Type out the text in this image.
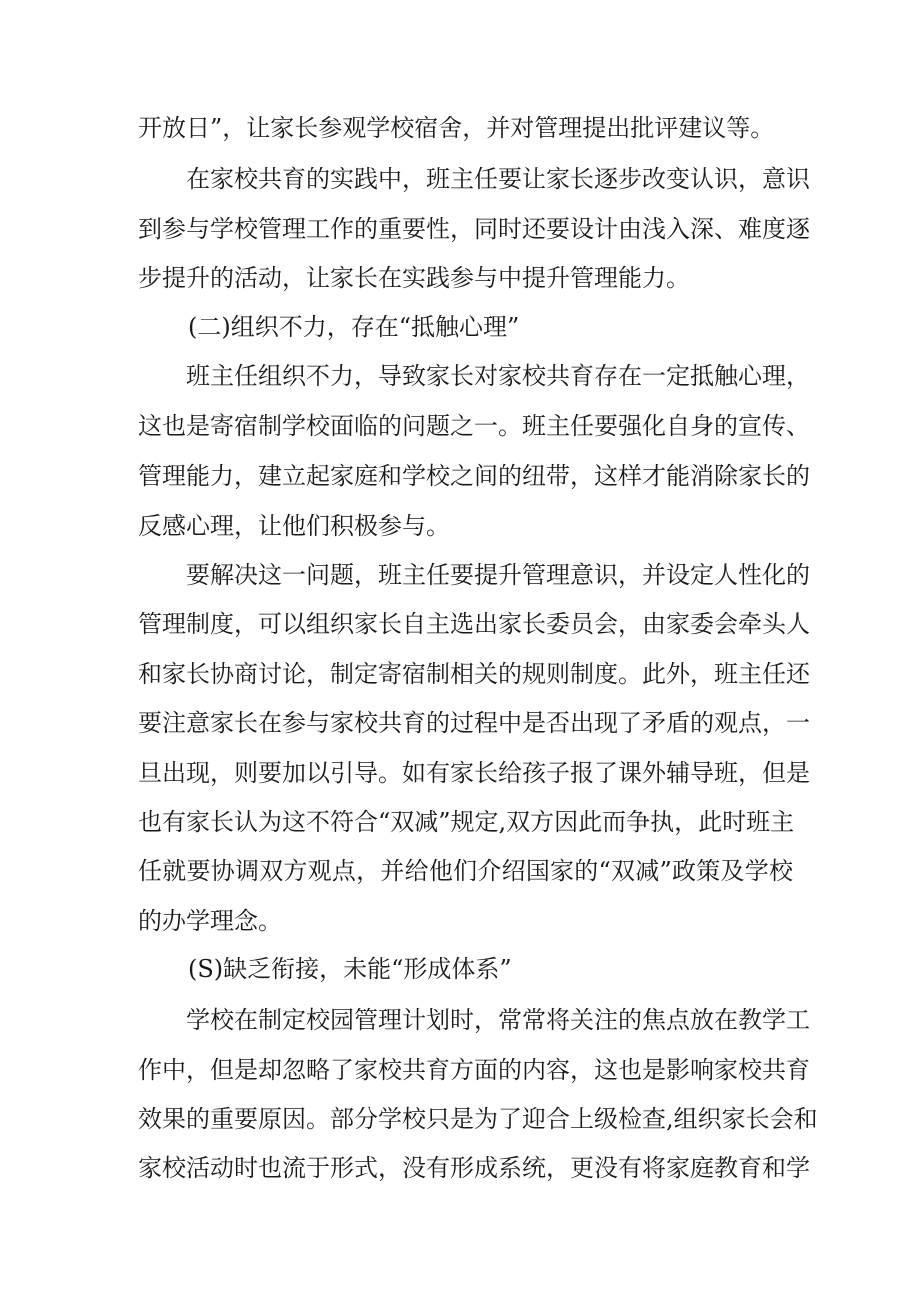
开放日”，让家长参观学校宿舍，并对管理提出批评建议等。
在家校共育的实践中，班主任要让家长逐步改变认识，意识
到参与学校管理工作的重要性，同时还要设计由浅入深、难度逐
步提升的活动，让家长在实践参与中提升管理能力。
(二)组织不力，存在“抵触心理”
班主任组织不力，导致家长对家校共育存在一定抵触心理，
这也是寄宿制学校面临的问题之一。班主任要强化自身的宣传、
管理能力，建立起家庭和学校之间的纽带，这样才能消除家长的
反感心理，让他们积极参与。
要解决这一问题，班主任要提升管理意识，并设定人性化的
管理制度，可以组织家长自主选出家长委员会，由家委会牵头人
和家长协商讨论，制定寄宿制相关的规则制度。此外，班主任还
要注意家长在参与家校共育的过程中是否出现了矛盾的观点，一
旦出现，则要加以引导。如有家长给孩子报了课外辅导班，但是
也有家长认为这不符合“双减”规定,双方因此而争执，此时班主
任就要协调双方观点，并给他们介绍国家的“双减”政策及学校
的办学理念。
(S)缺乏衔接，未能“形成体系”
学校在制定校园管理计划时，常常将关注的焦点放在教学工
作中，但是却忽略了家校共育方面的内容，这也是影响家校共育
效果的重要原因。部分学校只是为了迎合上级检查,组织家长会和
家校活动时也流于形式，没有形成系统，更没有将家庭教育和学
